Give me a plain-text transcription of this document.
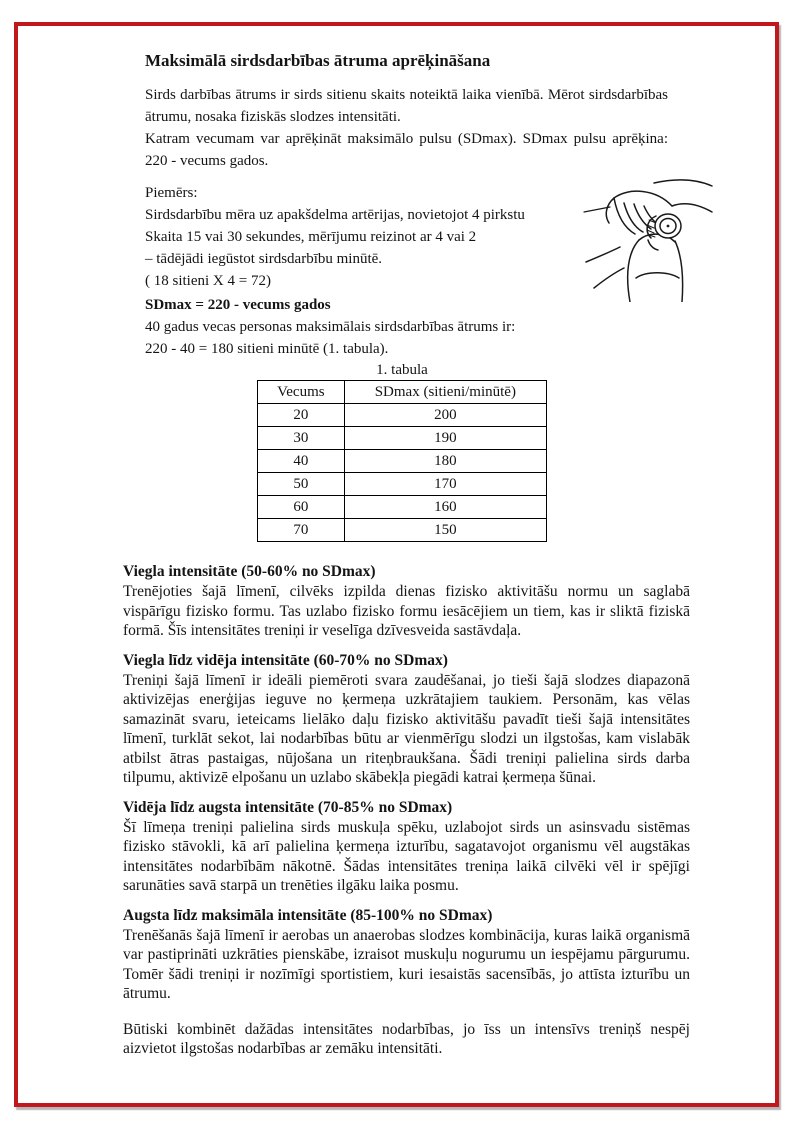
Maksimālā sirdsdarbības ātruma aprēķināšana

Sirds darbības ātrums ir sirds sitienu skaits noteiktā laika vienībā. Mērot sirdsdarbības ātrumu, nosaka fiziskās slodzes intensitāti.

Katram vecumam var aprēķināt maksimālo pulsu (SDmax). SDmax pulsu aprēķina: 220 - vecums gados.

Piemērs:
Sirdsdarbību mēra uz apakšdelma artērijas, novietojot 4 pirkstu
Skaita 15 vai 30 sekundes, mērījumu reizinot ar 4 vai 2
– tādējādi iegūstot sirdsdarbību minūtē.
( 18 sitieni X 4 = 72)
SDmax = 220 - vecums gados
40 gadus vecas personas maksimālais sirdsdarbības ātrums ir:
220 - 40 = 180 sitieni minūtē (1. tabula).
1. tabula
Vecums	SDmax (sitieni/minūtē)
20	200
30	190
40	180
50	170
60	160
70	150
Viegla intensitāte (50-60% no SDmax)

Trenējoties šajā līmenī, cilvēks izpilda dienas fizisko aktivitāšu normu un saglabā vispārīgu fizisko formu. Tas uzlabo fizisko formu iesācējiem un tiem, kas ir sliktā fiziskā formā. Šīs intensitātes treniņi ir veselīga dzīvesveida sastāvdaļa.

Viegla līdz vidēja intensitāte (60-70% no SDmax)

Treniņi šajā līmenī ir ideāli piemēroti svara zaudēšanai, jo tieši šajā slodzes diapazonā aktivizējas enerģijas ieguve no ķermeņa uzkrātajiem taukiem. Personām, kas vēlas samazināt svaru, ieteicams lielāko daļu fizisko aktivitāšu pavadīt tieši šajā intensitātes līmenī, turklāt sekot, lai nodarbības būtu ar vienmērīgu slodzi un ilgstošas, kam vislabāk atbilst ātras pastaigas, nūjošana un riteņbraukšana. Šādi treniņi palielina sirds darba tilpumu, aktivizē elpošanu un uzlabo skābekļa piegādi katrai ķermeņa šūnai.

Vidēja līdz augsta intensitāte (70-85% no SDmax)

Šī līmeņa treniņi palielina sirds muskuļa spēku, uzlabojot sirds un asinsvadu sistēmas fizisko stāvokli, kā arī palielina ķermeņa izturību, sagatavojot organismu vēl augstākas intensitātes nodarbībām nākotnē. Šādas intensitātes treniņa laikā cilvēki vēl ir spējīgi sarunāties savā starpā un trenēties ilgāku laika posmu.

Augsta līdz maksimāla intensitāte (85-100% no SDmax)

Trenēšanās šajā līmenī ir aerobas un anaerobas slodzes kombinācija, kuras laikā organismā var pastiprināti uzkrāties pienskābe, izraisot muskuļu nogurumu un iespējamu pārgurumu. Tomēr šādi treniņi ir nozīmīgi sportistiem, kuri iesaistās sacensībās, jo attīsta izturību un ātrumu.

Būtiski kombinēt dažādas intensitātes nodarbības, jo īss un intensīvs treniņš nespēj aizvietot ilgstošas nodarbības ar zemāku intensitāti.
